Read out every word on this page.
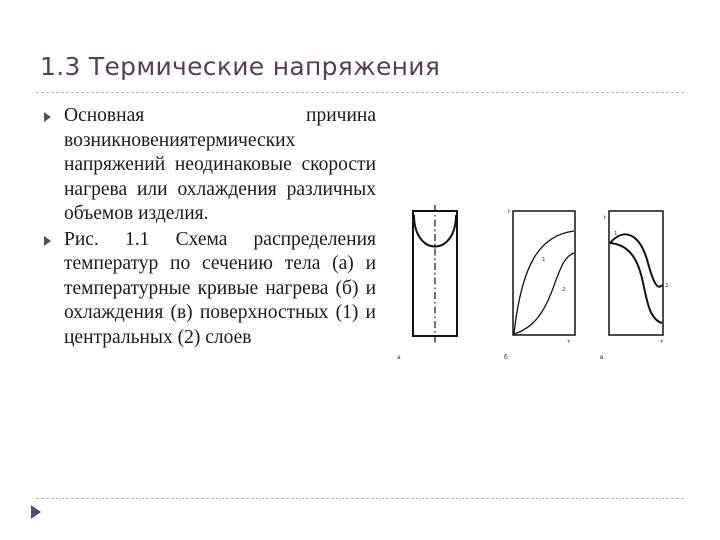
1.3 Термические напряжения
Основная причина возникновениятермических напряжений неодинаковые скорости нагрева или охлаждения различных объемов изделия.
Рис. 1.1 Схема распределения температур по сечению тела (а) и температурные кривые нагрева (б) и охлаждения (в) поверхностных (1) и центральных (2) слоев
а
t
1
2
τ
б
t
1
2
τ
в
